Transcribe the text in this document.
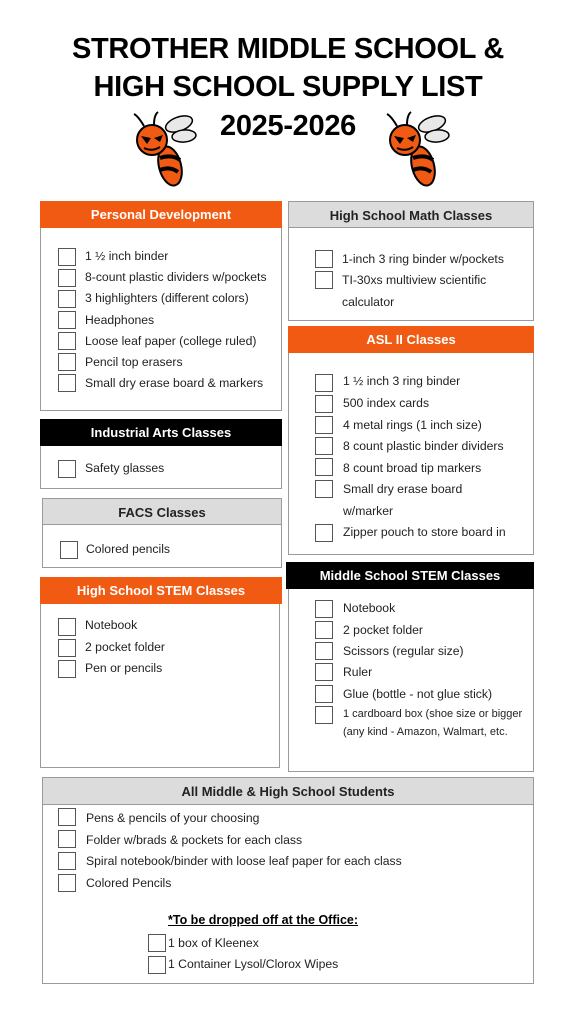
STROTHER MIDDLE SCHOOL &
HIGH SCHOOL SUPPLY LIST
2025-2026
Personal Development
1 ½ inch binder
8-count plastic dividers w/pockets
3 highlighters (different colors)
Headphones
Loose leaf paper (college ruled)
Pencil top erasers
Small dry erase board & markers
Industrial Arts Classes
Safety glasses
FACS Classes
Colored pencils
High School STEM Classes
Notebook
2 pocket folder
Pen or pencils
High School Math Classes
1-inch 3 ring binder w/pockets
TI-30xs multiview scientific
calculator
ASL II Classes
1 ½ inch 3 ring binder
500 index cards
4 metal rings (1 inch size)
8 count plastic binder dividers
8 count broad tip markers
Small dry erase board
w/marker
Zipper pouch to store board in
Middle School STEM Classes
Notebook
2 pocket folder
Scissors (regular size)
Ruler
Glue (bottle - not glue stick)
1 cardboard box (shoe size or bigger
(any kind - Amazon, Walmart, etc.
All Middle & High School Students
Pens & pencils of your choosing
Folder w/brads & pockets for each class
Spiral notebook/binder with loose leaf paper for each class
Colored Pencils
*To be dropped off at the Office:
1 box of Kleenex
1 Container Lysol/Clorox Wipes
